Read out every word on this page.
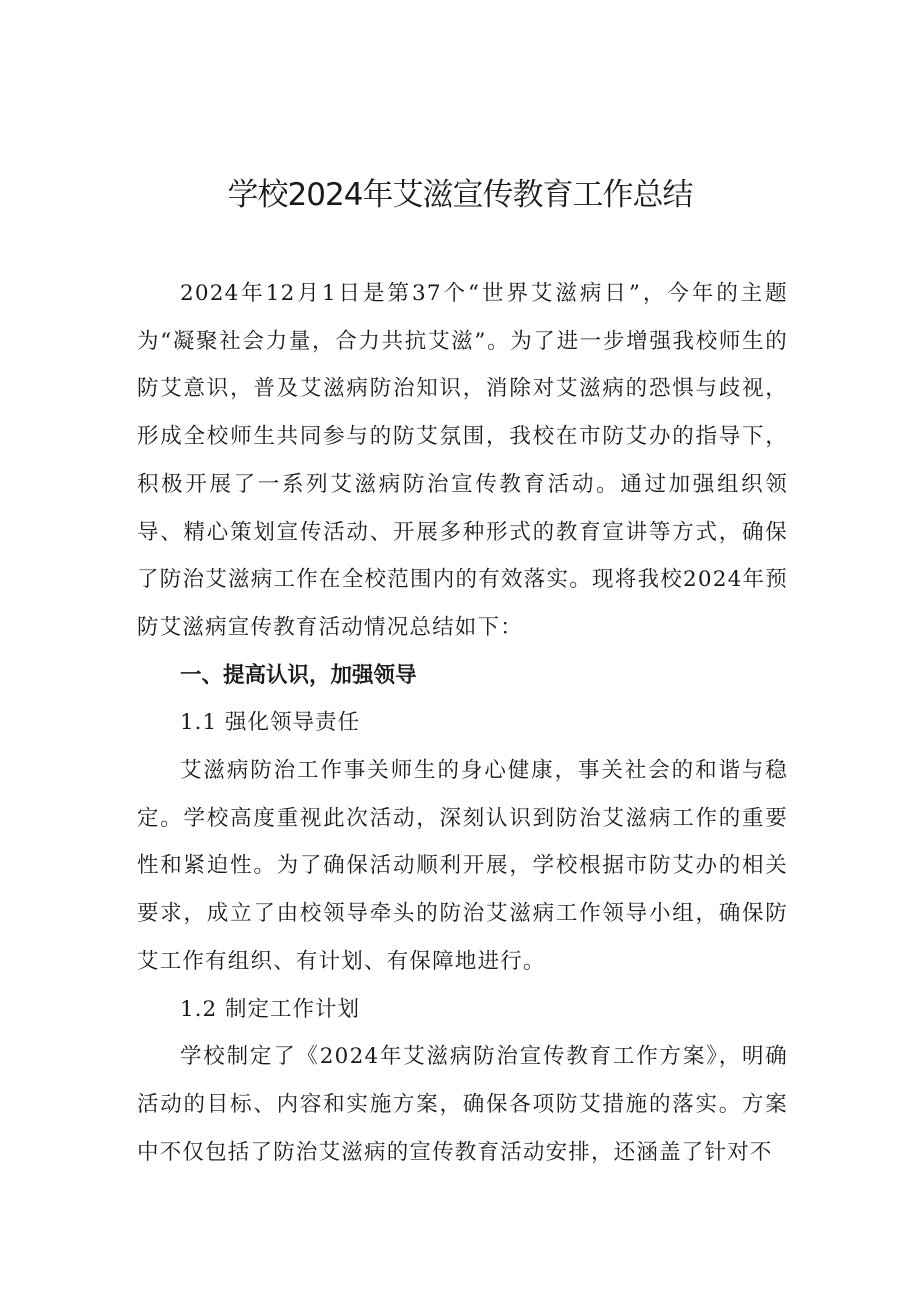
学校2024年艾滋宣传教育工作总结

2024年12月1日是第37个“世界艾滋病日”，今年的主题为“凝聚社会力量，合力共抗艾滋”。为了进一步增强我校师生的防艾意识，普及艾滋病防治知识，消除对艾滋病的恐惧与歧视，形成全校师生共同参与的防艾氛围，我校在市防艾办的指导下，积极开展了一系列艾滋病防治宣传教育活动。通过加强组织领导、精心策划宣传活动、开展多种形式的教育宣讲等方式，确保了防治艾滋病工作在全校范围内的有效落实。现将我校2024年预防艾滋病宣传教育活动情况总结如下：

一、提高认识，加强领导

1.1 强化领导责任

艾滋病防治工作事关师生的身心健康，事关社会的和谐与稳定。学校高度重视此次活动，深刻认识到防治艾滋病工作的重要性和紧迫性。为了确保活动顺利开展，学校根据市防艾办的相关要求，成立了由校领导牵头的防治艾滋病工作领导小组，确保防艾工作有组织、有计划、有保障地进行。

1.2 制定工作计划

学校制定了《2024年艾滋病防治宣传教育工作方案》，明确活动的目标、内容和实施方案，确保各项防艾措施的落实。方案中不仅包括了防治艾滋病的宣传教育活动安排，还涵盖了针对不
